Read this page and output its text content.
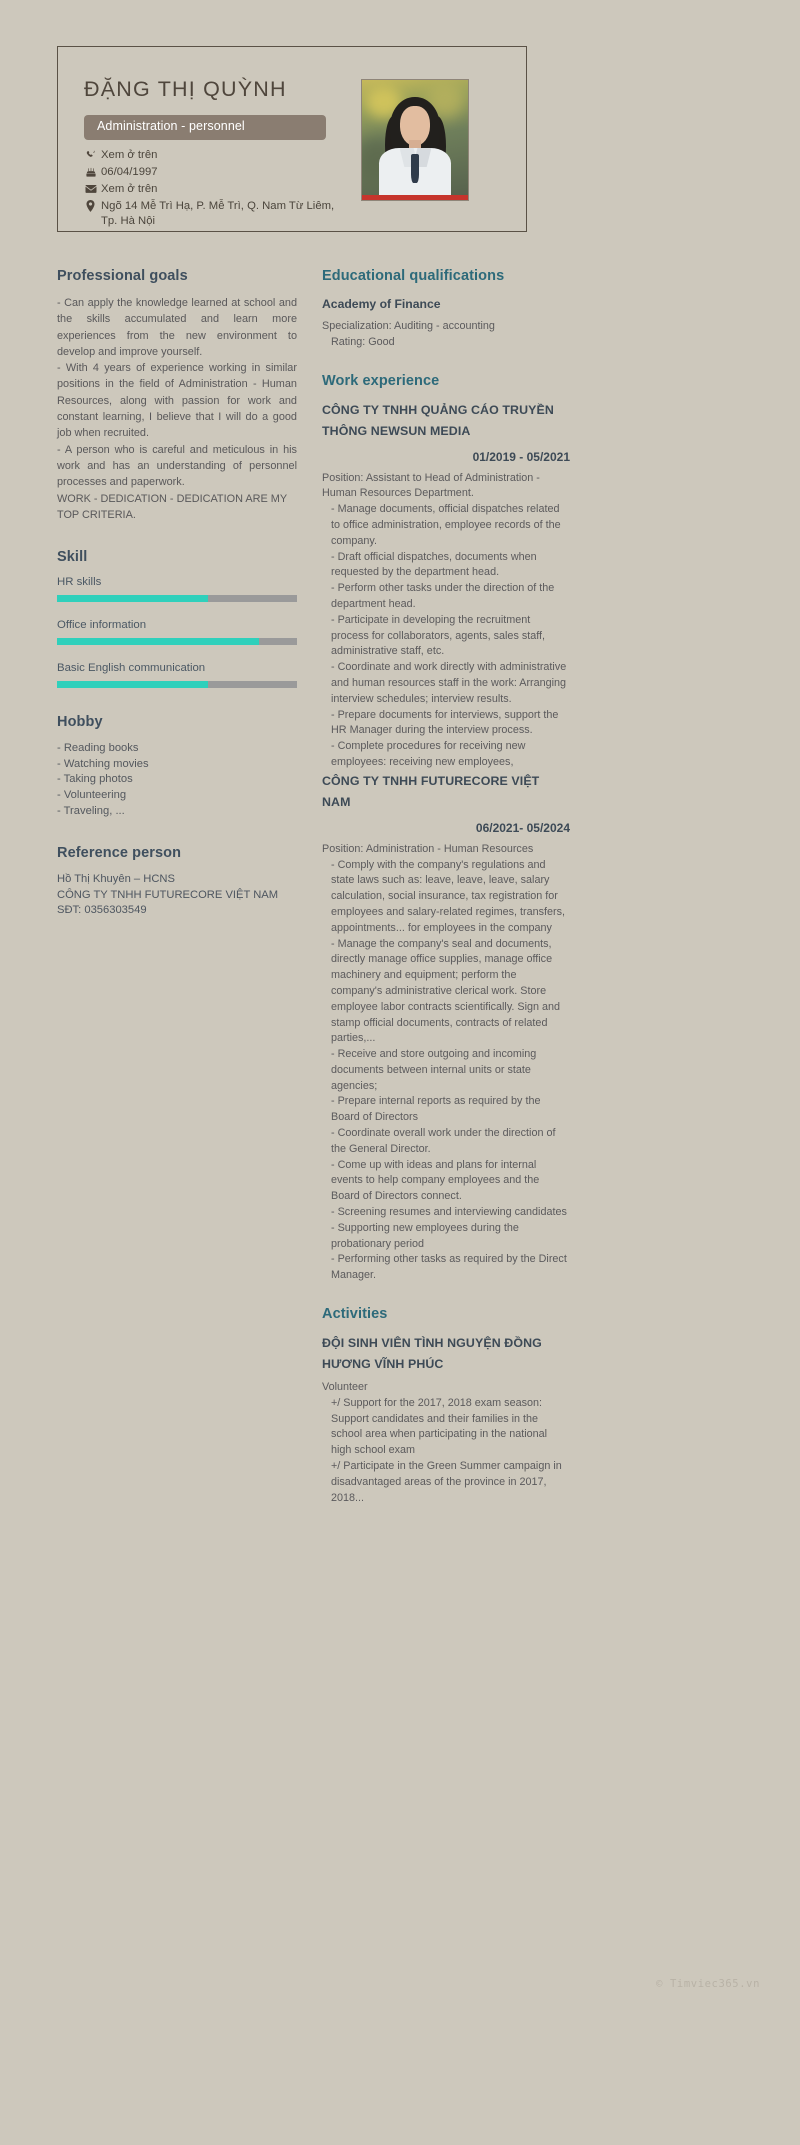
ĐẶNG THỊ QUỲNH
Administration - personnel
Xem ở trên
06/04/1997
Xem ở trên
Ngõ 14 Mễ Trì Hạ, P. Mễ Trì, Q. Nam Từ Liêm, Tp. Hà Nội
Professional goals

- Can apply the knowledge learned at school and the skills accumulated and learn more experiences from the new environment to develop and improve yourself.

- With 4 years of experience working in similar positions in the field of Administration - Human Resources, along with passion for work and constant learning, I believe that I will do a good job when recruited.

- A person who is careful and meticulous in his work and has an understanding of personnel processes and paperwork.

WORK - DEDICATION - DEDICATION ARE MY TOP CRITERIA.

Skill
HR skills
Office information
Basic English communication
Hobby
- Reading books
- Watching movies
- Taking photos
- Volunteering
- Traveling, ...
Reference person
Hồ Thị Khuyên – HCNS
CÔNG TY TNHH FUTURECORE VIỆT NAM
SĐT: 0356303549
Educational qualifications
Academy of Finance
Specialization: Auditing - accounting
Rating: Good
Work experience
CÔNG TY TNHH QUẢNG CÁO TRUYỀN THÔNG NEWSUN MEDIA
01/2019 - 05/2021
Position: Assistant to Head of Administration - Human Resources Department.
- Manage documents, official dispatches related to office administration, employee records of the company.
- Draft official dispatches, documents when requested by the department head.
- Perform other tasks under the direction of the department head.
- Participate in developing the recruitment process for collaborators, agents, sales staff, administrative staff, etc.
- Coordinate and work directly with administrative and human resources staff in the work: Arranging interview schedules; interview results.
- Prepare documents for interviews, support the HR Manager during the interview process.
- Complete procedures for receiving new employees: receiving new employees,
CÔNG TY TNHH FUTURECORE VIỆT NAM
06/2021- 05/2024
Position: Administration - Human Resources
- Comply with the company's regulations and state laws such as: leave, leave, leave, salary calculation, social insurance, tax registration for employees and salary-related regimes, transfers, appointments... for employees in the company
- Manage the company's seal and documents, directly manage office supplies, manage office machinery and equipment; perform the company's administrative clerical work. Store employee labor contracts scientifically. Sign and stamp official documents, contracts of related parties,...
- Receive and store outgoing and incoming documents between internal units or state agencies;
- Prepare internal reports as required by the Board of Directors
- Coordinate overall work under the direction of the General Director.
- Come up with ideas and plans for internal events to help company employees and the Board of Directors connect.
- Screening resumes and interviewing candidates
- Supporting new employees during the probationary period
- Performing other tasks as required by the Direct Manager.
Activities
ĐỘI SINH VIÊN TÌNH NGUYỆN ĐỒNG HƯƠNG VĨNH PHÚC
Volunteer
+/ Support for the 2017, 2018 exam season: Support candidates and their families in the school area when participating in the national high school exam
+/ Participate in the Green Summer campaign in disadvantaged areas of the province in 2017, 2018...
© Timviec365.vn
